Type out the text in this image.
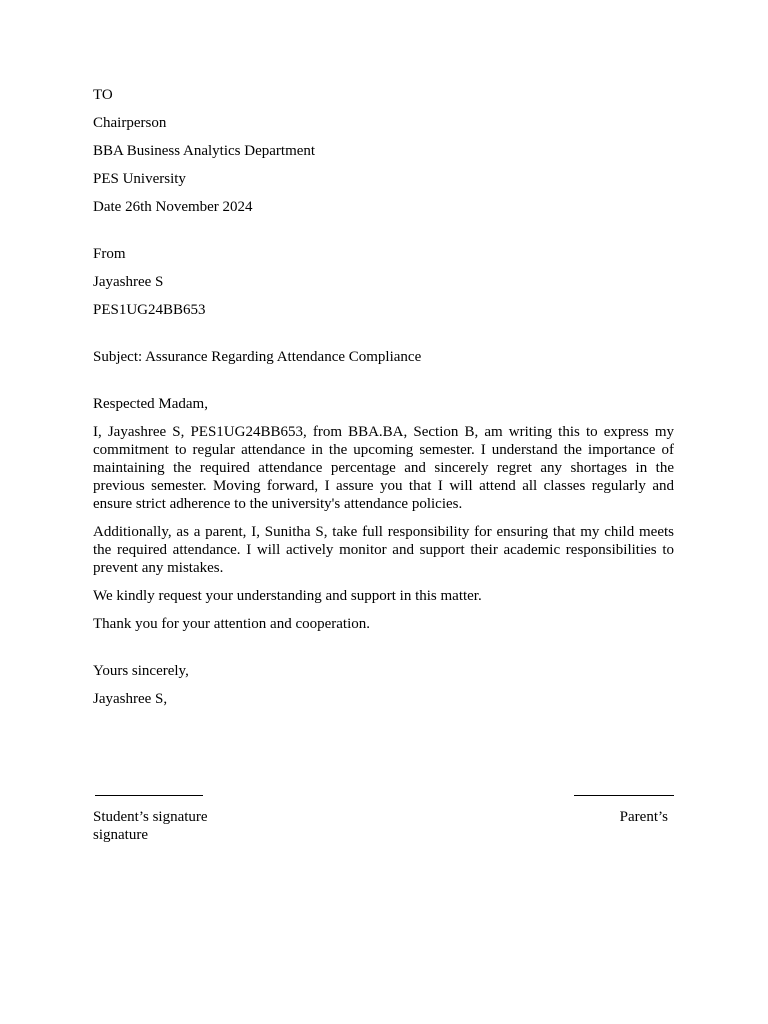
TO
Chairperson
BBA Business Analytics Department
PES University
Date 26th November 2024
From
Jayashree S
PES1UG24BB653
Subject: Assurance Regarding Attendance Compliance
Respected Madam,
I, Jayashree S, PES1UG24BB653, from BBA.BA, Section B, am writing this to express my commitment to regular attendance in the upcoming semester. I understand the importance of maintaining the required attendance percentage and sincerely regret any shortages in the previous semester. Moving forward, I assure you that I will attend all classes regularly and ensure strict adherence to the university's attendance policies.
Additionally, as a parent, I, Sunitha S, take full responsibility for ensuring that my child meets the required attendance. I will actively monitor and support their academic responsibilities to prevent any mistakes.
We kindly request your understanding and support in this matter.
Thank you for your attention and cooperation.
Yours sincerely,
Jayashree S,
Student’s signature	Parent’s
signature
